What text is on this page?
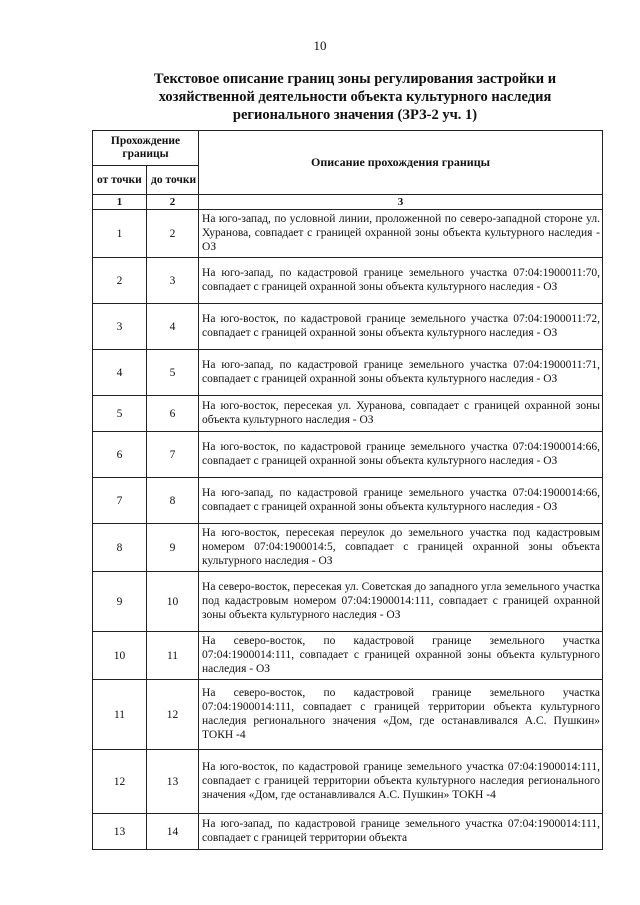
10
Текстовое описание границ зоны регулирования застройки и хозяйственной деятельности объекта культурного наследия регионального значения (ЗРЗ-2 уч. 1)
Прохождение границы		Описание прохождения границы
от точки	до точки	
1	2	3
1	2	На юго-запад, по условной линии, проложенной по северо-западной стороне ул. Хуранова, совпадает с границей охранной зоны объекта культурного наследия - ОЗ
2	3	На юго-запад, по кадастровой границе земельного участка 07:04:1900011:70, совпадает с границей охранной зоны объекта культурного наследия - ОЗ
3	4	На юго-восток, по кадастровой границе земельного участка 07:04:1900011:72, совпадает с границей охранной зоны объекта культурного наследия - ОЗ
4	5	На юго-запад, по кадастровой границе земельного участка 07:04:1900011:71, совпадает с границей охранной зоны объекта культурного наследия - ОЗ
5	6	На юго-восток, пересекая ул. Хуранова, совпадает с границей охранной зоны объекта культурного наследия - ОЗ
6	7	На юго-восток, по кадастровой границе земельного участка 07:04:1900014:66, совпадает с границей охранной зоны объекта культурного наследия - ОЗ
7	8	На юго-запад, по кадастровой границе земельного участка 07:04:1900014:66, совпадает с границей охранной зоны объекта культурного наследия - ОЗ
8	9	На юго-восток, пересекая переулок до земельного участка под кадастровым номером 07:04:1900014:5, совпадает с границей охранной зоны объекта культурного наследия - ОЗ
9	10	На северо-восток, пересекая ул. Советская до западного угла земельного участка под кадастровым номером 07:04:1900014:111, совпадает с границей охранной зоны объекта культурного наследия - ОЗ
10	11	На северо-восток, по кадастровой границе земельного участка 07:04:1900014:111, совпадает с границей охранной зоны объекта культурного наследия - ОЗ
11	12	На северо-восток, по кадастровой границе земельного участка 07:04:1900014:111, совпадает с границей территории объекта культурного наследия регионального значения «Дом, где останавливался А.С. Пушкин» ТОКН -4
12	13	На юго-восток, по кадастровой границе земельного участка 07:04:1900014:111, совпадает с границей территории объекта культурного наследия регионального значения «Дом, где останавливался А.С. Пушкин» ТОКН -4
13	14	На юго-запад, по кадастровой границе земельного участка 07:04:1900014:111, совпадает с границей территории объекта
